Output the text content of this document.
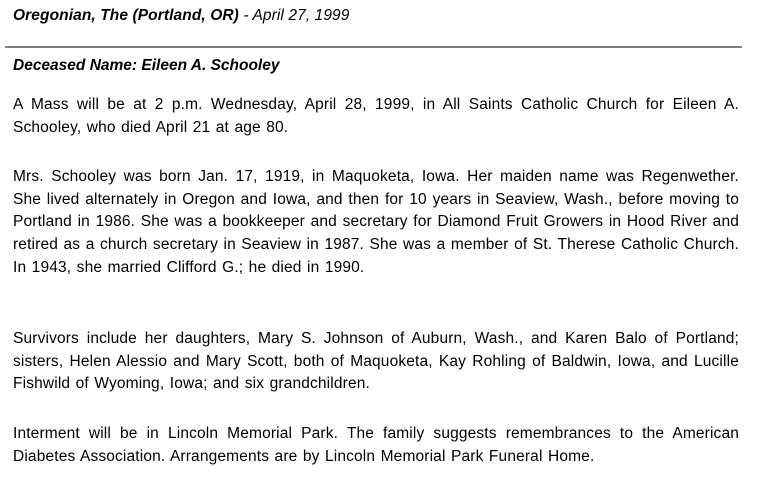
Oregonian, The (Portland, OR) - April 27, 1999
Deceased Name: Eileen A. Schooley

A Mass will be at 2 p.m. Wednesday, April 28, 1999, in All Saints Catholic Church for Eileen A. Schooley, who died April 21 at age 80.

Mrs. Schooley was born Jan. 17, 1919, in Maquoketa, Iowa. Her maiden name was Regenwether. She lived alternately in Oregon and Iowa, and then for 10 years in Seaview, Wash., before moving to Portland in 1986. She was a bookkeeper and secretary for Diamond Fruit Growers in Hood River and retired as a church secretary in Seaview in 1987. She was a member of St. Therese Catholic Church. In 1943, she married Clifford G.; he died in 1990.

Survivors include her daughters, Mary S. Johnson of Auburn, Wash., and Karen Balo of Portland; sisters, Helen Alessio and Mary Scott, both of Maquoketa, Kay Rohling of Baldwin, Iowa, and Lucille Fishwild of Wyoming, Iowa; and six grandchildren.

Interment will be in Lincoln Memorial Park. The family suggests remembrances to the American Diabetes Association. Arrangements are by Lincoln Memorial Park Funeral Home.
